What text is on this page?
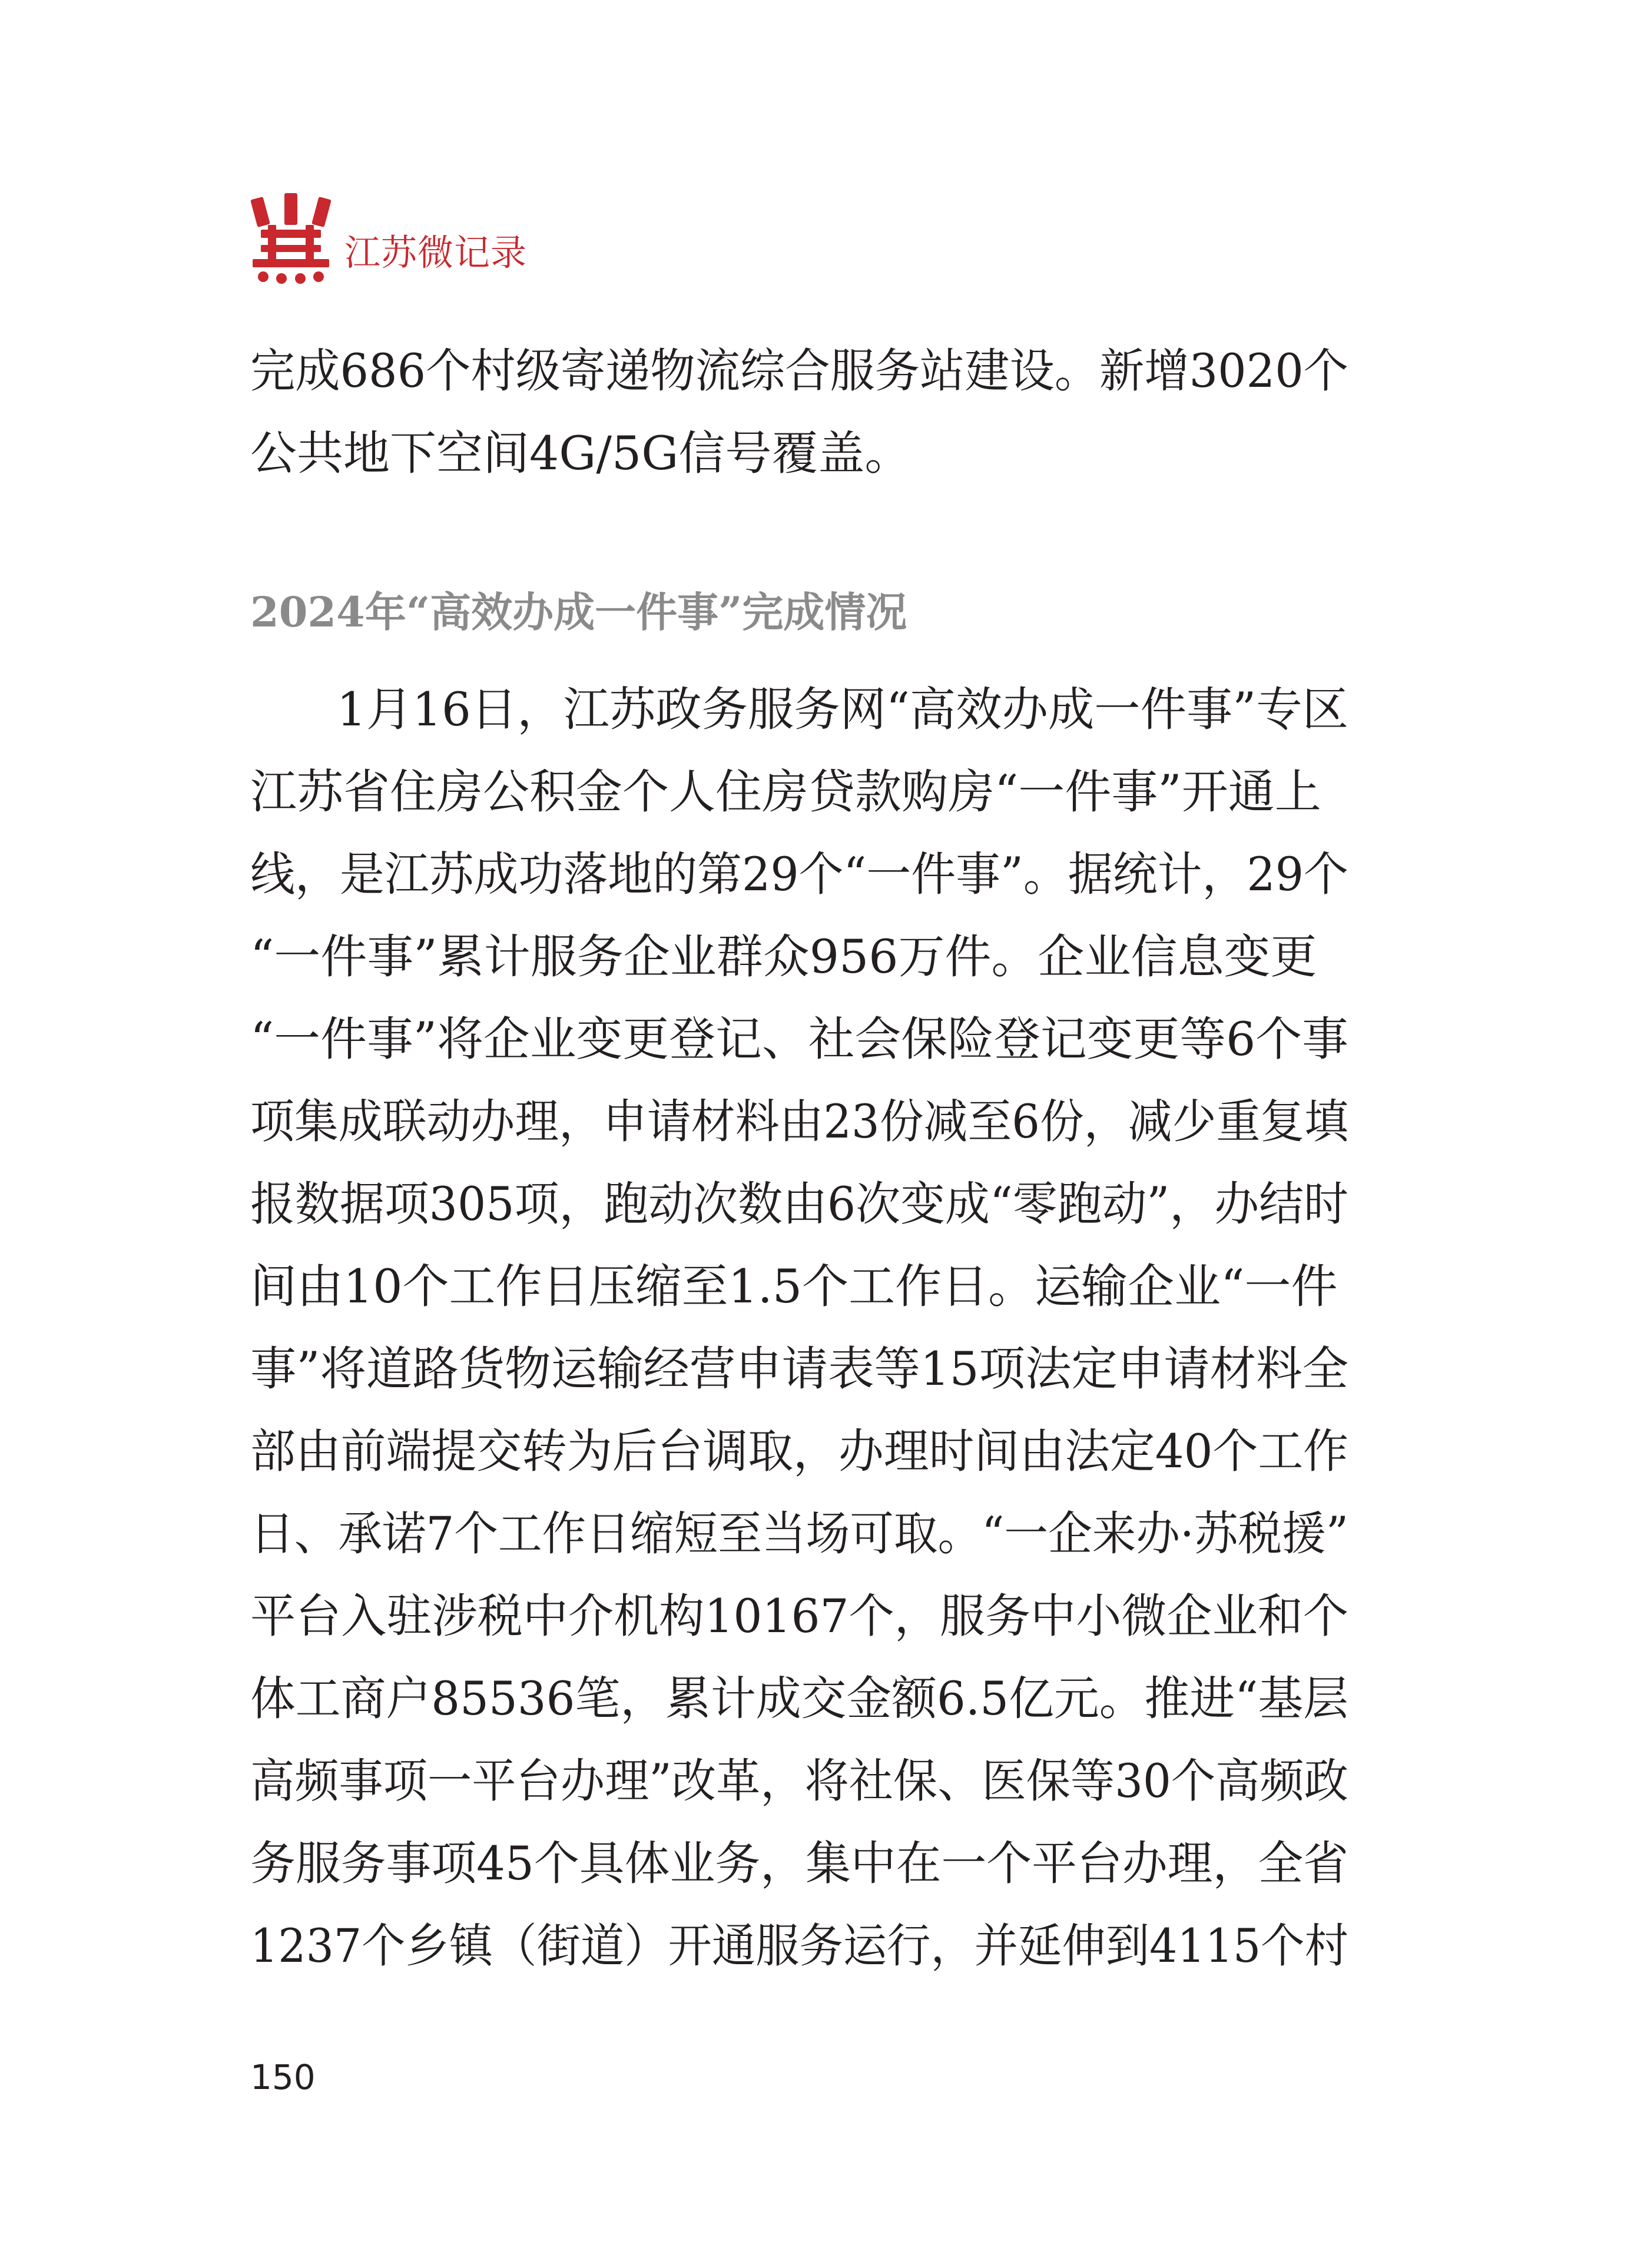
江苏微记录
完成686个村级寄递物流综合服务站建设。新增3020个
公共地下空间4G/5G信号覆盖。
2024年“高效办成一件事”完成情况
1月16日，江苏政务服务网“高效办成一件事”专区
江苏省住房公积金个人住房贷款购房“一件事”开通上
线，是江苏成功落地的第29个“一件事”。据统计，29个
“一件事”累计服务企业群众956万件。企业信息变更
“一件事”将企业变更登记、社会保险登记变更等6个事
项集成联动办理，申请材料由23份减至6份，减少重复填
报数据项305项，跑动次数由6次变成“零跑动”，办结时
间由10个工作日压缩至1.5个工作日。运输企业“一件
事”将道路货物运输经营申请表等15项法定申请材料全
部由前端提交转为后台调取，办理时间由法定40个工作
日、承诺7个工作日缩短至当场可取。“一企来办·苏税援”
平台入驻涉税中介机构10167个，服务中小微企业和个
体工商户85536笔，累计成交金额6.5亿元。推进“基层
高频事项一平台办理”改革，将社保、医保等30个高频政
务服务事项45个具体业务，集中在一个平台办理，全省
1237个乡镇（街道）开通服务运行，并延伸到4115个村
150
